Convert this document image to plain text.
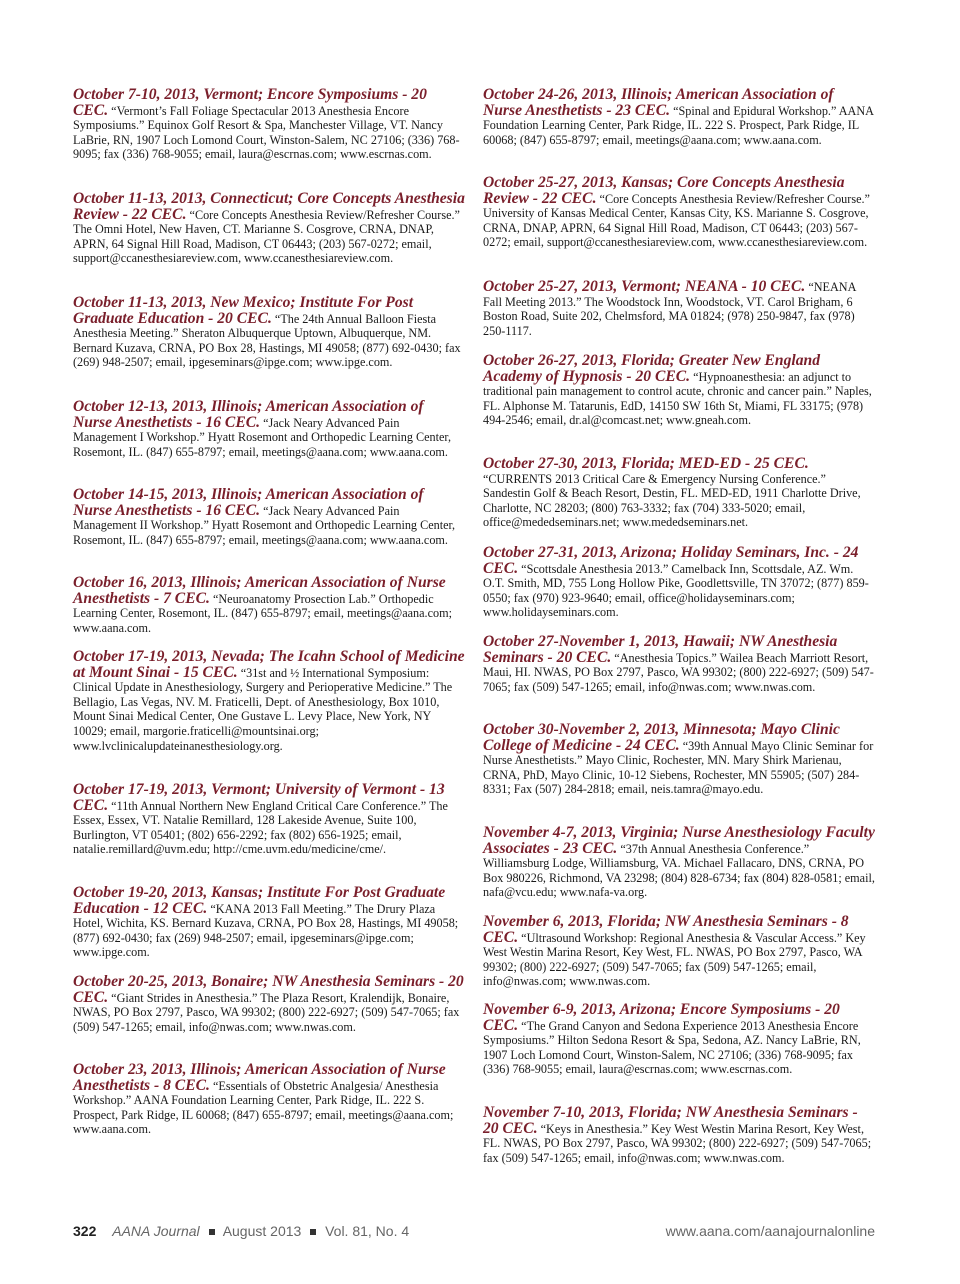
October 7-10, 2013, Vermont; Encore Symposiums - 20 CEC. “Vermont’s Fall Foliage Spectacular 2013 Anesthesia Encore Symposiums.” Equinox Golf Resort & Spa, Manchester Village, VT. Nancy LaBrie, RN, 1907 Loch Lomond Court, Winston-Salem, NC 27106; (336) 768-9095; fax (336) 768-9055; email, laura@escrnas.com; www.escrnas.com.

October 11-13, 2013, Connecticut; Core Concepts Anesthesia Review - 22 CEC. “Core Concepts Anesthesia Review/Refresher Course.” The Omni Hotel, New Haven, CT. Marianne S. Cosgrove, CRNA, DNAP, APRN, 64 Signal Hill Road, Madison, CT 06443; (203) 567-0272; email, support@ccanesthesiareview.com, www.ccanesthesiareview.com.

October 11-13, 2013, New Mexico; Institute For Post Graduate Education - 20 CEC. “The 24th Annual Balloon Fiesta Anesthesia Meeting.” Sheraton Albuquerque Uptown, Albuquerque, NM. Bernard Kuzava, CRNA, PO Box 28, Hastings, MI 49058; (877) 692-0430; fax (269) 948-2507; email, ipgeseminars@ipge.com; www.ipge.com.

October 12-13, 2013, Illinois; American Association of Nurse Anesthetists - 16 CEC. “Jack Neary Advanced Pain Management I Workshop.” Hyatt Rosemont and Orthopedic Learning Center, Rosemont, IL. (847) 655-8797; email, meetings@aana.com; www.aana.com.

October 14-15, 2013, Illinois; American Association of Nurse Anesthetists - 16 CEC. “Jack Neary Advanced Pain Management II Workshop.” Hyatt Rosemont and Orthopedic Learning Center, Rosemont, IL. (847) 655-8797; email, meetings@aana.com; www.aana.com.

October 16, 2013, Illinois; American Association of Nurse Anesthetists - 7 CEC. “Neuroanatomy Prosection Lab.” Orthopedic Learning Center, Rosemont, IL. (847) 655-8797; email, meetings@aana.com; www.aana.com.

October 17-19, 2013, Nevada; The Icahn School of Medicine at Mount Sinai - 15 CEC. “31st and ½ International Symposium: Clinical Update in Anesthesiology, Surgery and Perioperative Medicine.” The Bellagio, Las Vegas, NV. M. Fraticelli, Dept. of Anesthesiology, Box 1010, Mount Sinai Medical Center, One Gustave L. Levy Place, New York, NY 10029; email, margorie.fraticelli@mountsinai.org; www.lvclinicalupdateinanesthesiology.org.

October 17-19, 2013, Vermont; University of Vermont - 13 CEC. “11th Annual Northern New England Critical Care Conference.” The Essex, Essex, VT. Natalie Remillard, 128 Lakeside Avenue, Suite 100, Burlington, VT 05401; (802) 656-2292; fax (802) 656-1925; email, natalie.remillard@uvm.edu; http://cme.uvm.edu/medicine/cme/.

October 19-20, 2013, Kansas; Institute For Post Graduate Education - 12 CEC. “KANA 2013 Fall Meeting.” The Drury Plaza Hotel, Wichita, KS. Bernard Kuzava, CRNA, PO Box 28, Hastings, MI 49058; (877) 692-0430; fax (269) 948-2507; email, ipgeseminars@ipge.com; www.ipge.com.

October 20-25, 2013, Bonaire; NW Anesthesia Seminars - 20 CEC. “Giant Strides in Anesthesia.” The Plaza Resort, Kralendijk, Bonaire, NWAS, PO Box 2797, Pasco, WA 99302; (800) 222-6927; (509) 547-7065; fax (509) 547-1265; email, info@nwas.com; www.nwas.com.

October 23, 2013, Illinois; American Association of Nurse Anesthetists - 8 CEC. “Essentials of Obstetric Analgesia/ Anesthesia Workshop.” AANA Foundation Learning Center, Park Ridge, IL. 222 S. Prospect, Park Ridge, IL 60068; (847) 655-8797; email, meetings@aana.com; www.aana.com.

October 24-26, 2013, Illinois; American Association of Nurse Anesthetists - 23 CEC. “Spinal and Epidural Workshop.” AANA Foundation Learning Center, Park Ridge, IL. 222 S. Prospect, Park Ridge, IL 60068; (847) 655-8797; email, meetings@aana.com; www.aana.com.

October 25-27, 2013, Kansas; Core Concepts Anesthesia Review - 22 CEC. “Core Concepts Anesthesia Review/Refresher Course.” University of Kansas Medical Center, Kansas City, KS. Marianne S. Cosgrove, CRNA, DNAP, APRN, 64 Signal Hill Road, Madison, CT 06443; (203) 567-0272; email, support@ccanesthesiareview.com, www.ccanesthesiareview.com.

October 25-27, 2013, Vermont; NEANA - 10 CEC. “NEANA Fall Meeting 2013.” The Woodstock Inn, Woodstock, VT. Carol Brigham, 6 Boston Road, Suite 202, Chelmsford, MA 01824; (978) 250-9847, fax (978) 250-1117.

October 26-27, 2013, Florida; Greater New England Academy of Hypnosis - 20 CEC. “Hypnoanesthesia: an adjunct to traditional pain management to control acute, chronic and cancer pain.” Naples, FL. Alphonse M. Tatarunis, EdD, 14150 SW 16th St, Miami, FL 33175; (978) 494-2546; email, dr.al@comcast.net; www.gneah.com.

October 27-30, 2013, Florida; MED-ED - 25 CEC. “CURRENTS 2013 Critical Care & Emergency Nursing Conference.” Sandestin Golf & Beach Resort, Destin, FL. MED-ED, 1911 Charlotte Drive, Charlotte, NC 28203; (800) 763-3332; fax (704) 333-5020; email, office@mededseminars.net; www.mededseminars.net.

October 27-31, 2013, Arizona; Holiday Seminars, Inc. - 24 CEC. “Scottsdale Anesthesia 2013.” Camelback Inn, Scottsdale, AZ. Wm. O.T. Smith, MD, 755 Long Hollow Pike, Goodlettsville, TN 37072; (877) 859-0550; fax (970) 923-9640; email, office@holidayseminars.com; www.holidayseminars.com.

October 27-November 1, 2013, Hawaii; NW Anesthesia Seminars - 20 CEC. “Anesthesia Topics.” Wailea Beach Marriott Resort, Maui, HI. NWAS, PO Box 2797, Pasco, WA 99302; (800) 222-6927; (509) 547-7065; fax (509) 547-1265; email, info@nwas.com; www.nwas.com.

October 30-November 2, 2013, Minnesota; Mayo Clinic College of Medicine - 24 CEC. “39th Annual Mayo Clinic Seminar for Nurse Anesthetists.” Mayo Clinic, Rochester, MN. Mary Shirk Marienau, CRNA, PhD, Mayo Clinic, 10-12 Siebens, Rochester, MN 55905; (507) 284-8331; Fax (507) 284-2818; email, neis.tamra@mayo.edu.

November 4-7, 2013, Virginia; Nurse Anesthesiology Faculty Associates - 23 CEC. “37th Annual Anesthesia Conference.” Williamsburg Lodge, Williamsburg, VA. Michael Fallacaro, DNS, CRNA, PO Box 980226, Richmond, VA 23298; (804) 828-6734; fax (804) 828-0581; email, nafa@vcu.edu; www.nafa-va.org.

November 6, 2013, Florida; NW Anesthesia Seminars - 8 CEC. “Ultrasound Workshop: Regional Anesthesia & Vascular Access.” Key West Westin Marina Resort, Key West, FL. NWAS, PO Box 2797, Pasco, WA 99302; (800) 222-6927; (509) 547-7065; fax (509) 547-1265; email, info@nwas.com; www.nwas.com.

November 6-9, 2013, Arizona; Encore Symposiums - 20 CEC. “The Grand Canyon and Sedona Experience 2013 Anesthesia Encore Symposiums.” Hilton Sedona Resort & Spa, Sedona, AZ. Nancy LaBrie, RN, 1907 Loch Lomond Court, Winston-Salem, NC 27106; (336) 768-9095; fax (336) 768-9055; email, laura@escrnas.com; www.escrnas.com.

November 7-10, 2013, Florida; NW Anesthesia Seminars - 20 CEC. “Keys in Anesthesia.” Key West Westin Marina Resort, Key West, FL. NWAS, PO Box 2797, Pasco, WA 99302; (800) 222-6927; (509) 547-7065; fax (509) 547-1265; email, info@nwas.com; www.nwas.com.

322 AANA Journal August 2013 Vol. 81, No. 4	www.aana.com/aanajournalonline
